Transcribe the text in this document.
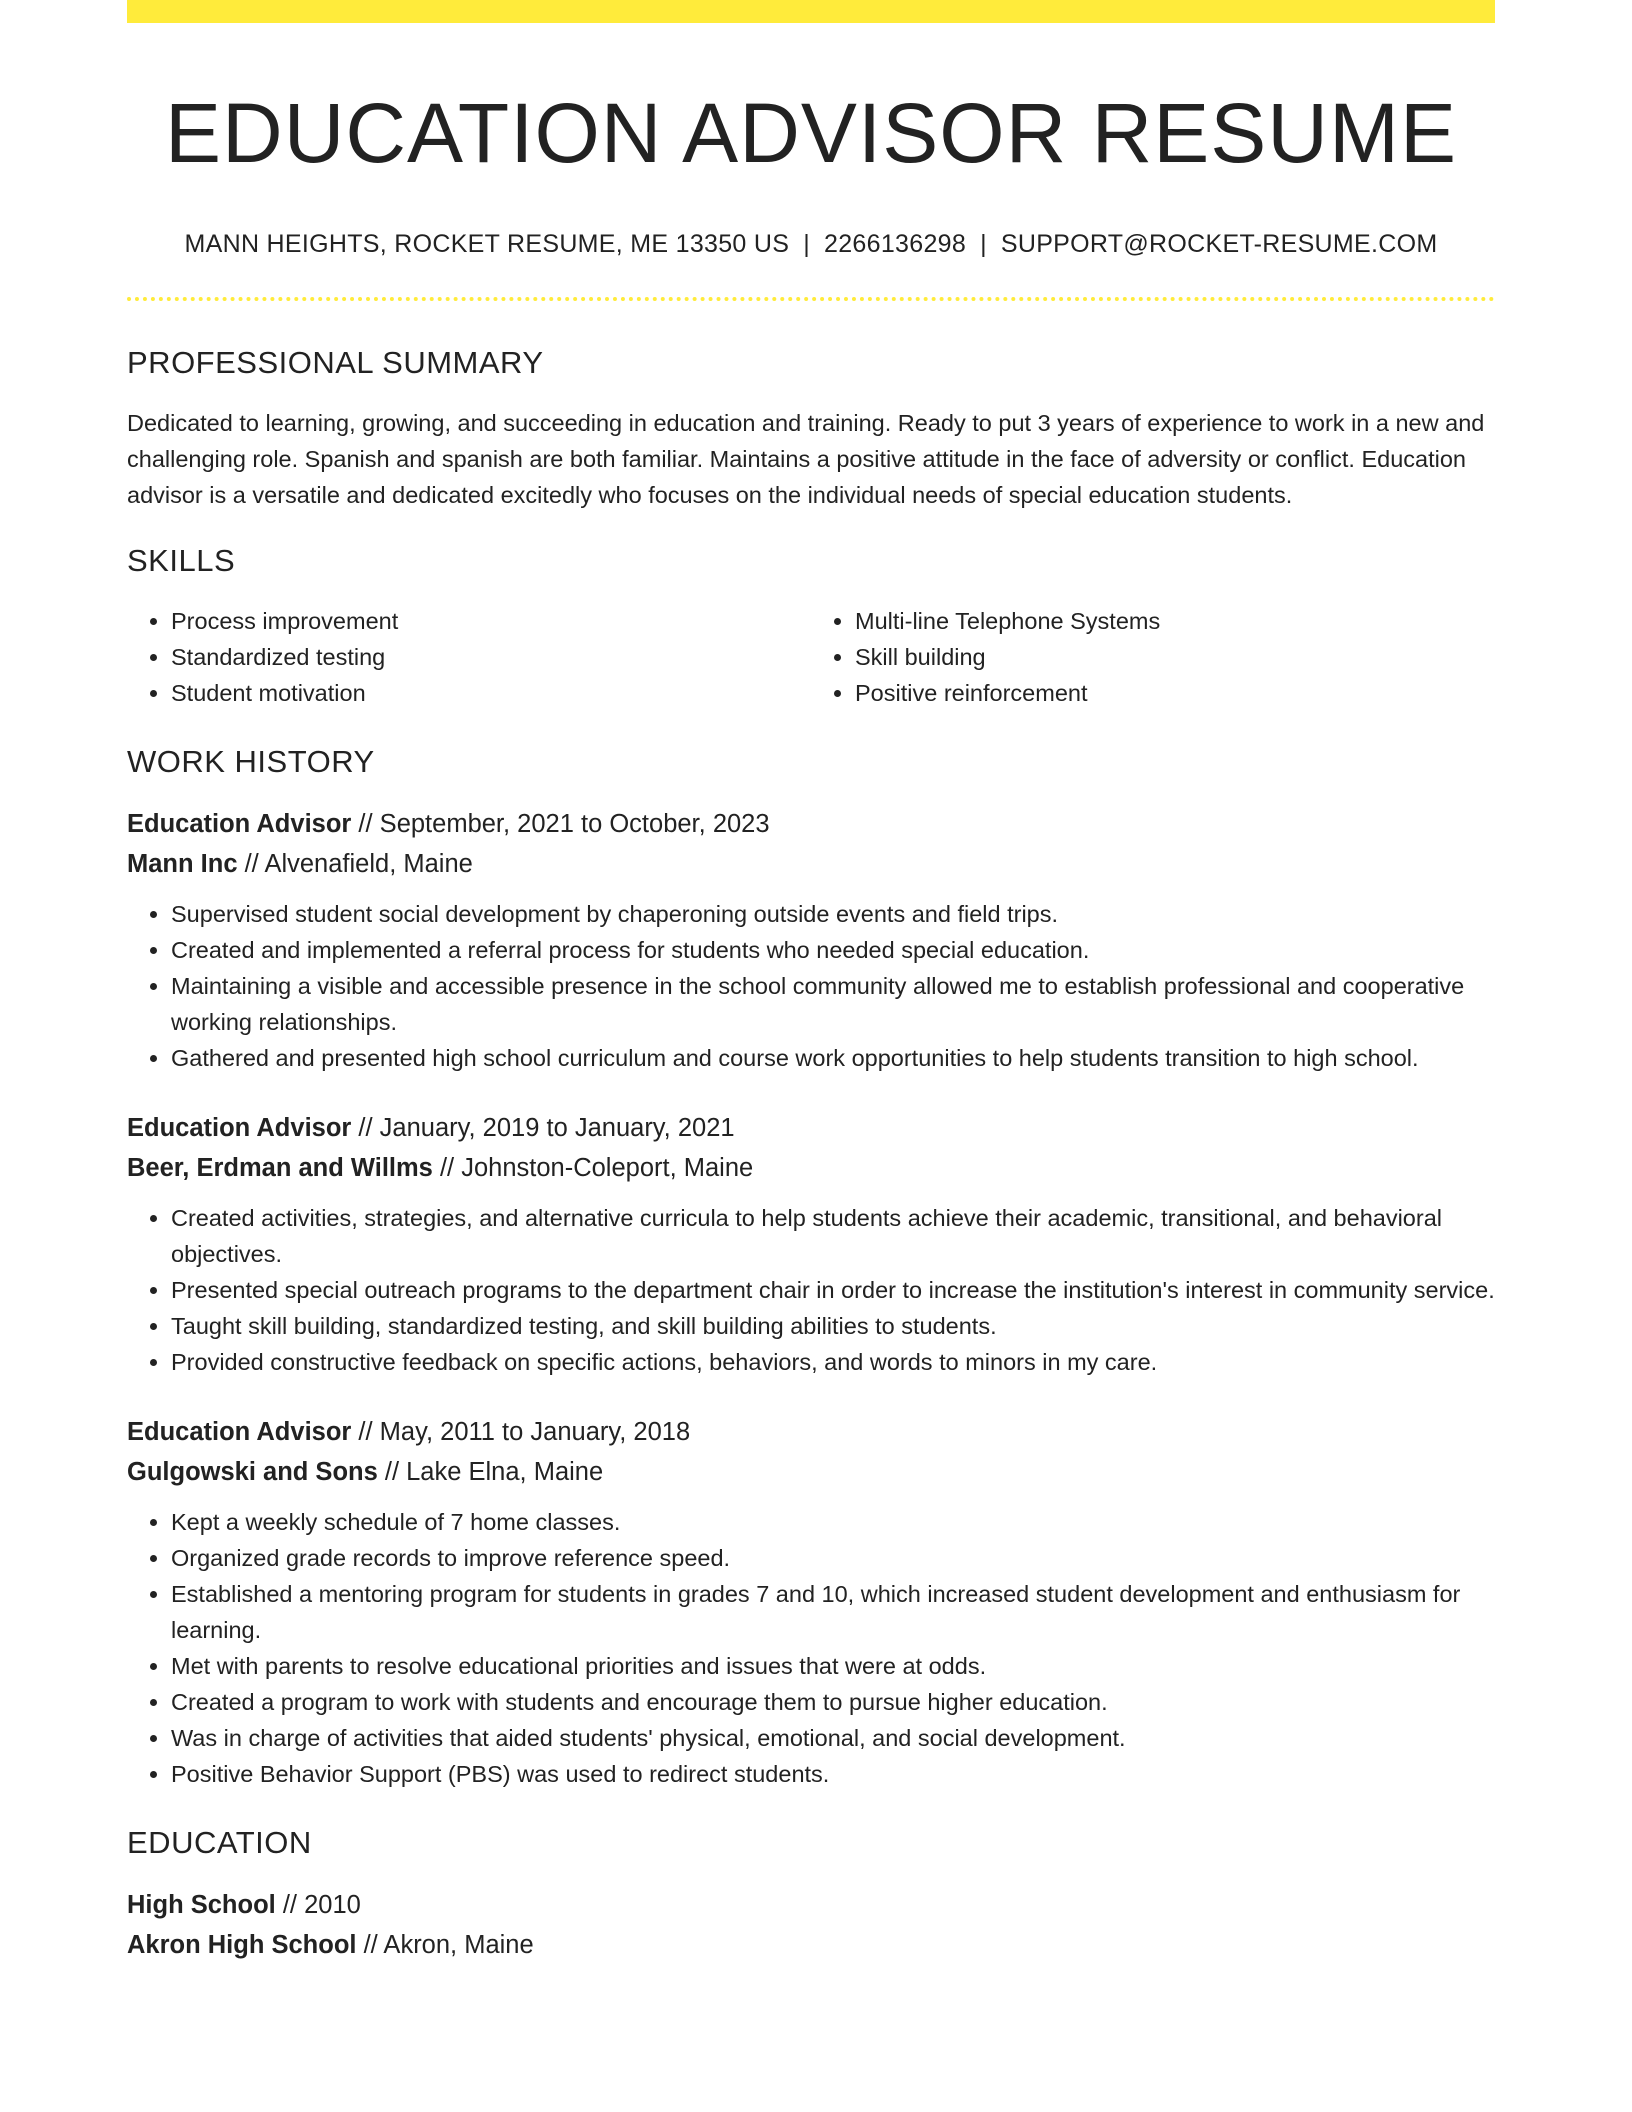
EDUCATION ADVISOR RESUME
MANN HEIGHTS, ROCKET RESUME, ME 13350 US | 2266136298 | SUPPORT@ROCKET-RESUME.COM
PROFESSIONAL SUMMARY

Dedicated to learning, growing, and succeeding in education and training. Ready to put 3 years of experience to work in a new and challenging role. Spanish and spanish are both familiar. Maintains a positive attitude in the face of adversity or conflict. Education advisor is a versatile and dedicated excitedly who focuses on the individual needs of special education students.

SKILLS
• Process improvement
• Standardized testing
• Student motivation
• Multi-line Telephone Systems
• Skill building
• Positive reinforcement
WORK HISTORY
Education Advisor // September, 2021 to October, 2023
Mann Inc // Alvenafield, Maine
• Supervised student social development by chaperoning outside events and field trips.
• Created and implemented a referral process for students who needed special education.
• Maintaining a visible and accessible presence in the school community allowed me to establish professional and cooperative working relationships.
• Gathered and presented high school curriculum and course work opportunities to help students transition to high school.
Education Advisor // January, 2019 to January, 2021
Beer, Erdman and Willms // Johnston-Coleport, Maine
• Created activities, strategies, and alternative curricula to help students achieve their academic, transitional, and behavioral objectives.
• Presented special outreach programs to the department chair in order to increase the institution's interest in community service.
• Taught skill building, standardized testing, and skill building abilities to students.
• Provided constructive feedback on specific actions, behaviors, and words to minors in my care.
Education Advisor // May, 2011 to January, 2018
Gulgowski and Sons // Lake Elna, Maine
• Kept a weekly schedule of 7 home classes.
• Organized grade records to improve reference speed.
• Established a mentoring program for students in grades 7 and 10, which increased student development and enthusiasm for learning.
• Met with parents to resolve educational priorities and issues that were at odds.
• Created a program to work with students and encourage them to pursue higher education.
• Was in charge of activities that aided students' physical, emotional, and social development.
• Positive Behavior Support (PBS) was used to redirect students.
EDUCATION
High School // 2010
Akron High School // Akron, Maine
